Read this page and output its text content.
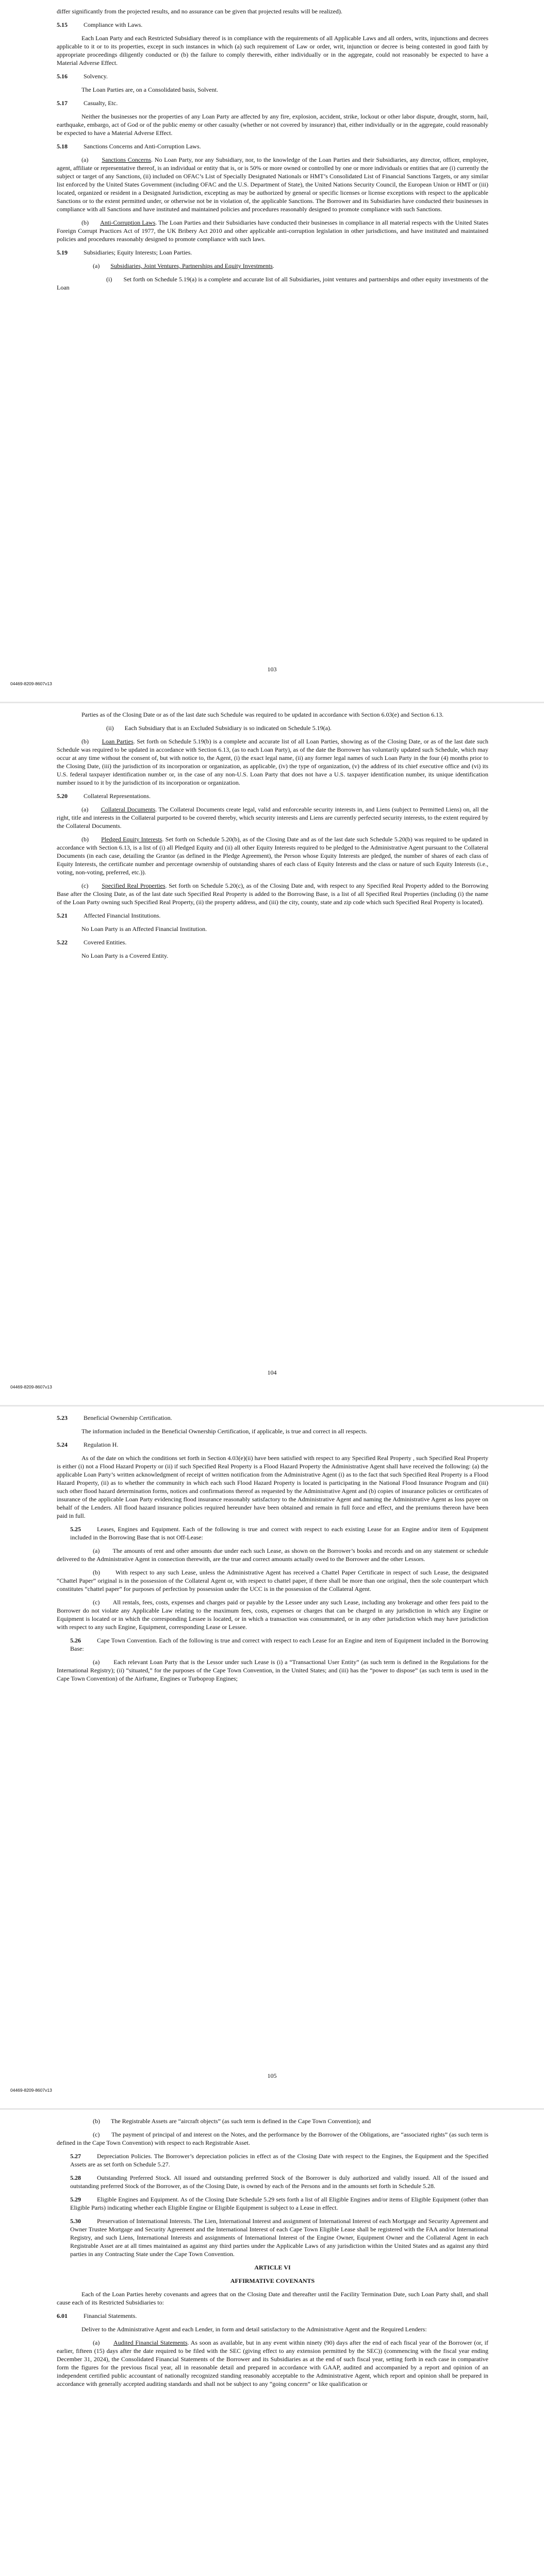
differ significantly from the projected results, and no assurance can be given that projected results will be realized).

5.15	Compliance with Laws.

Each Loan Party and each Restricted Subsidiary thereof is in compliance with the requirements of all Applicable Laws and all orders, writs, injunctions and decrees applicable to it or to its properties, except in such instances in which (a) such requirement of Law or order, writ, injunction or decree is being contested in good faith by appropriate proceedings diligently conducted or (b) the failure to comply therewith, either individually or in the aggregate, could not reasonably be expected to have a Material Adverse Effect.

5.16	Solvency.

The Loan Parties are, on a Consolidated basis, Solvent.

5.17	Casualty, Etc.

Neither the businesses nor the properties of any Loan Party are affected by any fire, explosion, accident, strike, lockout or other labor dispute, drought, storm, hail, earthquake, embargo, act of God or of the public enemy or other casualty (whether or not covered by insurance) that, either individually or in the aggregate, could reasonably be expected to have a Material Adverse Effect.

5.18	Sanctions Concerns and Anti-Corruption Laws.

(a) Sanctions Concerns. No Loan Party, nor any Subsidiary, nor, to the knowledge of the Loan Parties and their Subsidiaries, any director, officer, employee, agent, affiliate or representative thereof, is an individual or entity that is, or is 50% or more owned or controlled by one or more individuals or entities that are (i) currently the subject or target of any Sanctions, (ii) included on OFAC’s List of Specially Designated Nationals or HMT’s Consolidated List of Financial Sanctions Targets, or any similar list enforced by the United States Government (including OFAC and the U.S. Department of State), the United Nations Security Council, the European Union or HMT or (iii) located, organized or resident in a Designated Jurisdiction, excepting as may be authorized by general or specific licenses or license exceptions with respect to the applicable Sanctions or to the extent permitted under, or otherwise not be in violation of, the applicable Sanctions. The Borrower and its Subsidiaries have conducted their businesses in compliance with all Sanctions and have instituted and maintained policies and procedures reasonably designed to promote compliance with such Sanctions.

(b) Anti-Corruption Laws. The Loan Parties and their Subsidiaries have conducted their businesses in compliance in all material respects with the United States Foreign Corrupt Practices Act of 1977, the UK Bribery Act 2010 and other applicable anti-corruption legislation in other jurisdictions, and have instituted and maintained policies and procedures reasonably designed to promote compliance with such laws.

5.19	Subsidiaries; Equity Interests; Loan Parties.

(a) Subsidiaries, Joint Ventures, Partnerships and Equity Investments.

(i) Set forth on Schedule 5.19(a) is a complete and accurate list of all Subsidiaries, joint ventures and partnerships and other equity investments of the Loan

103
04469-8209-8607v13

Parties as of the Closing Date or as of the last date such Schedule was required to be updated in accordance with Section 6.03(e) and Section 6.13.

(ii) Each Subsidiary that is an Excluded Subsidiary is so indicated on Schedule 5.19(a).

(b) Loan Parties. Set forth on Schedule 5.19(b) is a complete and accurate list of all Loan Parties, showing as of the Closing Date, or as of the last date such Schedule was required to be updated in accordance with Section 6.13, (as to each Loan Party), as of the date the Borrower has voluntarily updated such Schedule, which may occur at any time without the consent of, but with notice to, the Agent, (i) the exact legal name, (ii) any former legal names of such Loan Party in the four (4) months prior to the Closing Date, (iii) the jurisdiction of its incorporation or organization, as applicable, (iv) the type of organization, (v) the address of its chief executive office and (vi) its U.S. federal taxpayer identification number or, in the case of any non-U.S. Loan Party that does not have a U.S. taxpayer identification number, its unique identification number issued to it by the jurisdiction of its incorporation or organization.

5.20	Collateral Representations.

(a) Collateral Documents. The Collateral Documents create legal, valid and enforceable security interests in, and Liens (subject to Permitted Liens) on, all the right, title and interests in the Collateral purported to be covered thereby, which security interests and Liens are currently perfected security interests, to the extent required by the Collateral Documents.

(b) Pledged Equity Interests. Set forth on Schedule 5.20(b), as of the Closing Date and as of the last date such Schedule 5.20(b) was required to be updated in accordance with Section 6.13, is a list of (i) all Pledged Equity and (ii) all other Equity Interests required to be pledged to the Administrative Agent pursuant to the Collateral Documents (in each case, detailing the Grantor (as defined in the Pledge Agreement), the Person whose Equity Interests are pledged, the number of shares of each class of Equity Interests, the certificate number and percentage ownership of outstanding shares of each class of Equity Interests and the class or nature of such Equity Interests (i.e., voting, non-voting, preferred, etc.)).

(c) Specified Real Properties. Set forth on Schedule 5.20(c), as of the Closing Date and, with respect to any Specified Real Property added to the Borrowing Base after the Closing Date, as of the last date such Specified Real Property is added to the Borrowing Base, is a list of all Specified Real Properties (including (i) the name of the Loan Party owning such Specified Real Property, (ii) the property address, and (iii) the city, county, state and zip code which such Specified Real Property is located).

5.21	Affected Financial Institutions.

No Loan Party is an Affected Financial Institution.

5.22	Covered Entities.

No Loan Party is a Covered Entity.

104
04469-8209-8607v13

5.23	Beneficial Ownership Certification.

The information included in the Beneficial Ownership Certification, if applicable, is true and correct in all respects.

5.24	Regulation H.

As of the date on which the conditions set forth in Section 4.03(e)(ii) have been satisfied with respect to any Specified Real Property , such Specified Real Property is either (i) not a Flood Hazard Property or (ii) if such Specified Real Property is a Flood Hazard Property the Administrative Agent shall have received the following: (a) the applicable Loan Party’s written acknowledgment of receipt of written notification from the Administrative Agent (i) as to the fact that such Specified Real Property is a Flood Hazard Property, (ii) as to whether the community in which each such Flood Hazard Property is located is participating in the National Flood Insurance Program and (iii) such other flood hazard determination forms, notices and confirmations thereof as requested by the Administrative Agent and (b) copies of insurance policies or certificates of insurance of the applicable Loan Party evidencing flood insurance reasonably satisfactory to the Administrative Agent and naming the Administrative Agent as loss payee on behalf of the Lenders. All flood hazard insurance policies required hereunder have been obtained and remain in full force and effect, and the premiums thereon have been paid in full.

5.25	Leases, Engines and Equipment. Each of the following is true and correct with respect to each existing Lease for an Engine and/or item of Equipment included in the Borrowing Base that is not Off-Lease:

(a) The amounts of rent and other amounts due under each such Lease, as shown on the Borrower’s books and records and on any statement or schedule delivered to the Administrative Agent in connection therewith, are the true and correct amounts actually owed to the Borrower and the other Lessors.

(b)	With respect to any such Lease, unless the Administrative Agent has received a Chattel Paper Certificate in respect of such Lease, the designated “Chattel Paper” original is in the possession of the Collateral Agent or, with respect to chattel paper, if there shall be more than one original, then the sole counterpart which constitutes “chattel paper” for purposes of perfection by possession under the UCC is in the possession of the Collateral Agent.

(c) All rentals, fees, costs, expenses and charges paid or payable by the Lessee under any such Lease, including any brokerage and other fees paid to the Borrower do not violate any Applicable Law relating to the maximum fees, costs, expenses or charges that can be charged in any jurisdiction in which any Engine or Equipment is located or in which the corresponding Lessee is located, or in which a transaction was consummated, or in any other jurisdiction which may have jurisdiction with respect to any such Engine, Equipment, corresponding Lease or Lessee.

5.26	Cape Town Convention. Each of the following is true and correct with respect to each Lease for an Engine and item of Equipment included in the Borrowing Base:

(a) Each relevant Loan Party that is the Lessor under such Lease is (i) a “Transactional User Entity” (as such term is defined in the Regulations for the International Registry); (ii) “situated,” for the purposes of the Cape Town Convention, in the United States; and (iii) has the “power to dispose” (as such term is used in the Cape Town Convention) of the Airframe, Engines or Turboprop Engines;

105
04469-8209-8607v13

(b) The Registrable Assets are “aircraft objects” (as such term is defined in the Cape Town Convention); and

(c) The payment of principal of and interest on the Notes, and the performance by the Borrower of the Obligations, are “associated rights” (as such term is defined in the Cape Town Convention) with respect to each Registrable Asset.

5.27	Depreciation Policies. The Borrower’s depreciation policies in effect as of the Closing Date with respect to the Engines, the Equipment and the Specified Assets are as set forth on Schedule 5.27.

5.28	Outstanding Preferred Stock. All issued and outstanding preferred Stock of the Borrower is duly authorized and validly issued. All of the issued and outstanding preferred Stock of the Borrower, as of the Closing Date, is owned by each of the Persons and in the amounts set forth in Schedule 5.28.

5.29	Eligible Engines and Equipment. As of the Closing Date Schedule 5.29 sets forth a list of all Eligible Engines and/or items of Eligible Equipment (other than Eligible Parts) indicating whether each Eligible Engine or Eligible Equipment is subject to a Lease in effect.

5.30	Preservation of International Interests. The Lien, International Interest and assignment of International Interest of each Mortgage and Security Agreement and Owner Trustee Mortgage and Security Agreement and the International Interest of each Cape Town Eligible Lease shall be registered with the FAA and/or International Registry, and such Liens, International Interests and assignments of International Interest of the Engine Owner, Equipment Owner and the Collateral Agent in each Registrable Asset are at all times maintained as against any third parties under the Applicable Laws of any jurisdiction within the United States and as against any third parties in any Contracting State under the Cape Town Convention.

ARTICLE VI

AFFIRMATIVE COVENANTS

Each of the Loan Parties hereby covenants and agrees that on the Closing Date and thereafter until the Facility Termination Date, such Loan Party shall, and shall cause each of its Restricted Subsidiaries to:

6.01	Financial Statements.

Deliver to the Administrative Agent and each Lender, in form and detail satisfactory to the Administrative Agent and the Required Lenders:

(a) Audited Financial Statements. As soon as available, but in any event within ninety (90) days after the end of each fiscal year of the Borrower (or, if earlier, fifteen (15) days after the date required to be filed with the SEC (giving effect to any extension permitted by the SEC)) (commencing with the fiscal year ending December 31, 2024), the Consolidated Financial Statements of the Borrower and its Subsidiaries as at the end of such fiscal year, setting forth in each case in comparative form the figures for the previous fiscal year, all in reasonable detail and prepared in accordance with GAAP, audited and accompanied by a report and opinion of an independent certified public accountant of nationally recognized standing reasonably acceptable to the Administrative Agent, which report and opinion shall be prepared in accordance with generally accepted auditing standards and shall not be subject to any “going concern” or like qualification or
